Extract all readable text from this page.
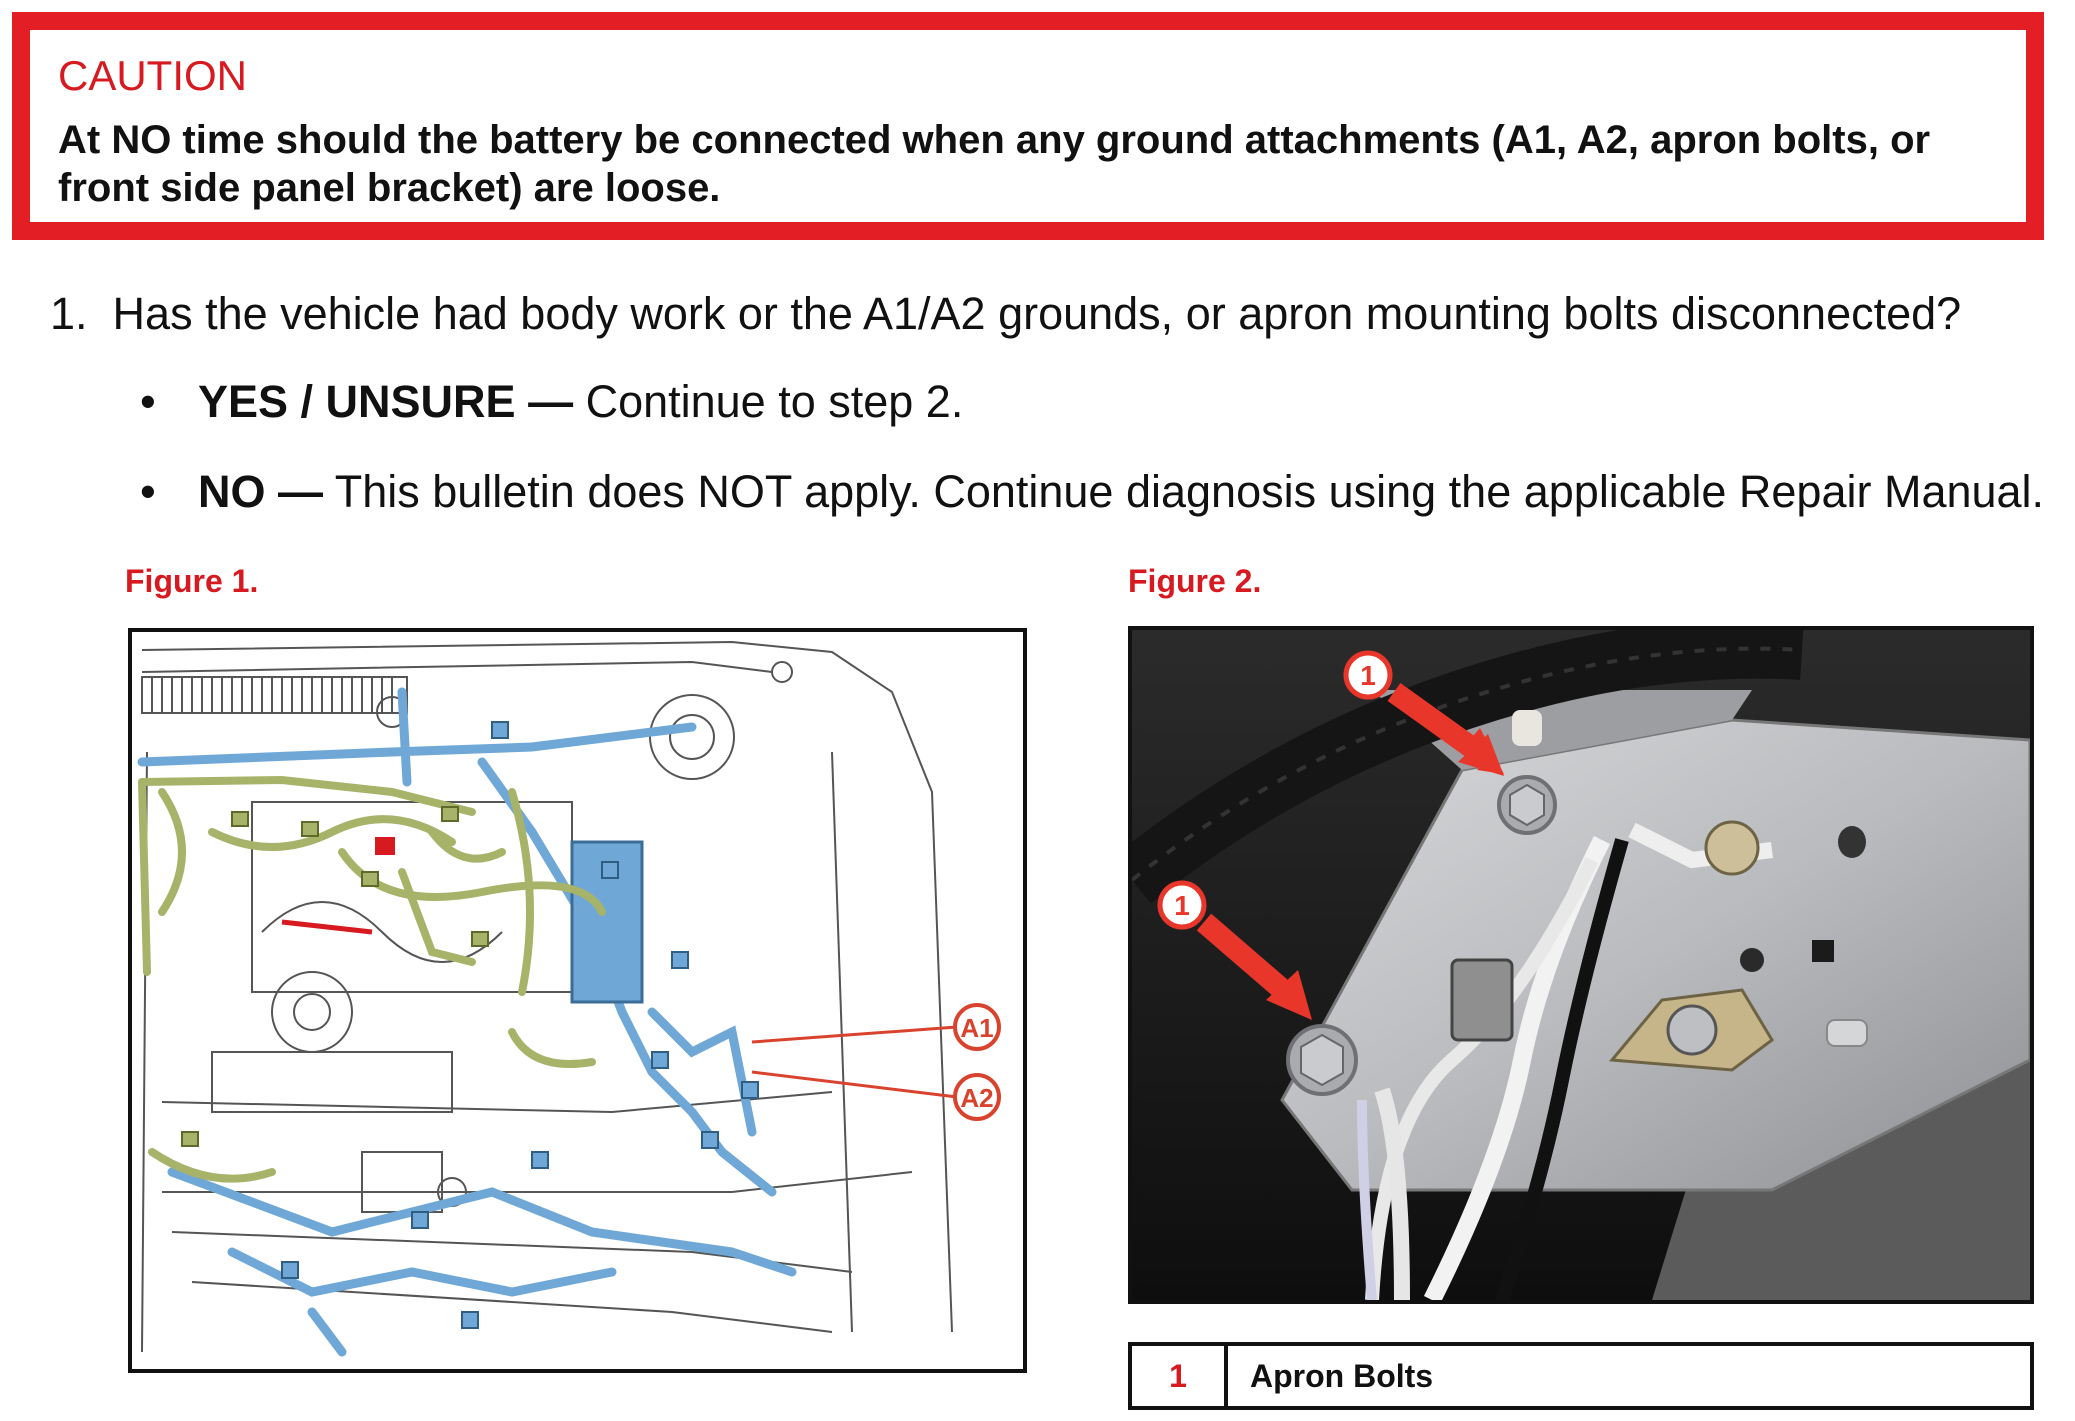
CAUTION
At NO time should the battery be connected when any ground attachments (A1, A2, apron bolts, or front side panel bracket) are loose.
1. Has the vehicle had body work or the A1/A2 grounds, or apron mounting bolts disconnected?
• YES / UNSURE — Continue to step 2.
• NO — This bulletin does NOT apply. Continue diagnosis using the applicable Repair Manual.
Figure 1.	Figure 2.
A1
A2
1
1
1	Apron Bolts
